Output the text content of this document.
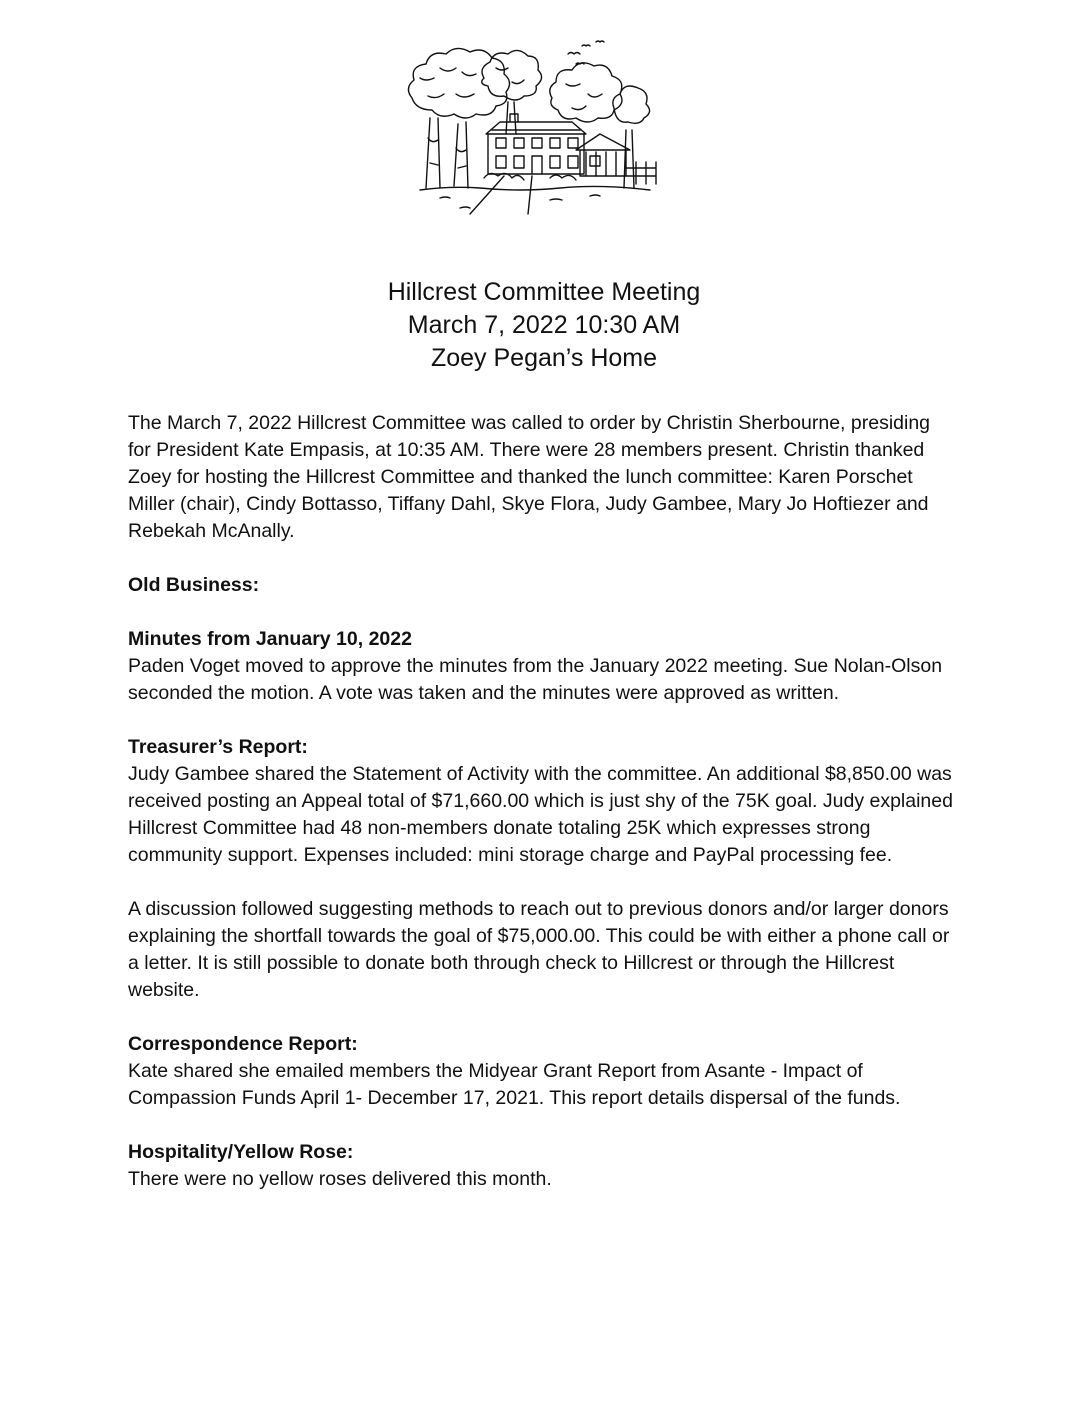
Hillcrest Committee Meeting
March 7, 2022 10:30 AM
Zoey Pegan’s Home

The March 7, 2022 Hillcrest Committee was called to order by Christin Sherbourne, presiding for President Kate Empasis, at 10:35 AM. There were 28 members present. Christin thanked Zoey for hosting the Hillcrest Committee and thanked the lunch committee: Karen Porschet Miller (chair), Cindy Bottasso, Tiffany Dahl, Skye Flora, Judy Gambee, Mary Jo Hoftiezer and Rebekah McAnally.

Old Business:
Minutes from January 10, 2022

Paden Voget moved to approve the minutes from the January 2022 meeting. Sue Nolan-Olson seconded the motion. A vote was taken and the minutes were approved as written.

Treasurer’s Report:

Judy Gambee shared the Statement of Activity with the committee. An additional $8,850.00 was received posting an Appeal total of $71,660.00 which is just shy of the 75K goal. Judy explained Hillcrest Committee had 48 non-members donate totaling 25K which expresses strong community support. Expenses included: mini storage charge and PayPal processing fee.

A discussion followed suggesting methods to reach out to previous donors and/or larger donors explaining the shortfall towards the goal of $75,000.00. This could be with either a phone call or a letter. It is still possible to donate both through check to Hillcrest or through the Hillcrest website.

Correspondence Report:

Kate shared she emailed members the Midyear Grant Report from Asante - Impact of Compassion Funds April 1- December 17, 2021. This report details dispersal of the funds.

Hospitality/Yellow Rose:

There were no yellow roses delivered this month.
